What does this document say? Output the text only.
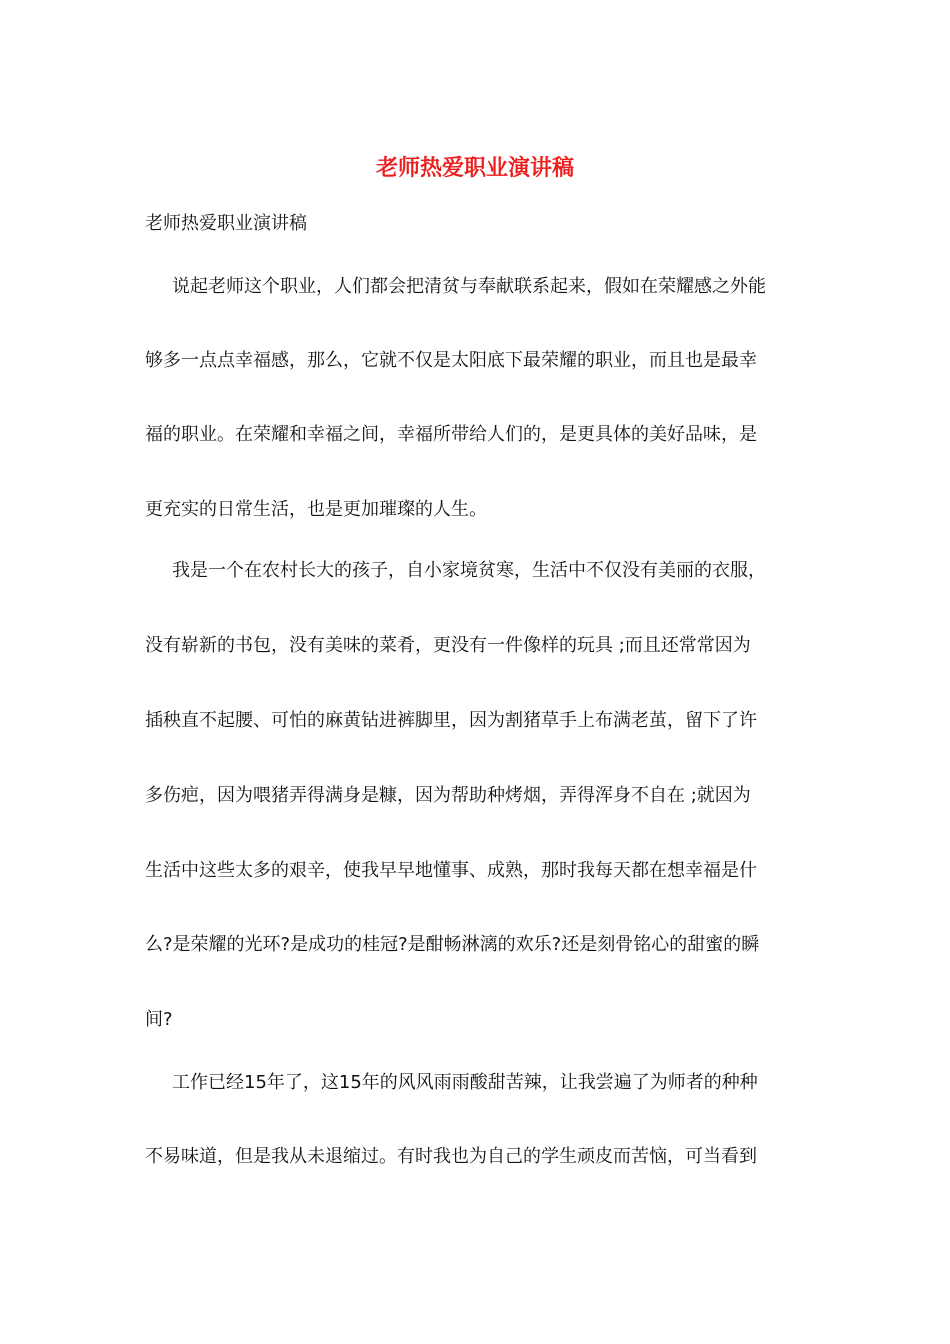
老师热爱职业演讲稿

老师热爱职业演讲稿

说起老师这个职业，人们都会把清贫与奉献联系起来，假如在荣耀感之外能

够多一点点幸福感，那么，它就不仅是太阳底下最荣耀的职业，而且也是最幸

福的职业。在荣耀和幸福之间，幸福所带给人们的，是更具体的美好品味，是

更充实的日常生活，也是更加璀璨的人生。

我是一个在农村长大的孩子，自小家境贫寒，生活中不仅没有美丽的衣服，

没有崭新的书包，没有美味的菜肴，更没有一件像样的玩具 ;而且还常常因为

插秧直不起腰、可怕的麻黄钻进裤脚里，因为割猪草手上布满老茧，留下了许

多伤疤，因为喂猪弄得满身是糠，因为帮助种烤烟，弄得浑身不自在 ;就因为

生活中这些太多的艰辛，使我早早地懂事、成熟，那时我每天都在想幸福是什

么?是荣耀的光环?是成功的桂冠?是酣畅淋漓的欢乐?还是刻骨铭心的甜蜜的瞬

间?

工作已经15年了，这15年的风风雨雨酸甜苦辣，让我尝遍了为师者的种种

不易味道，但是我从未退缩过。有时我也为自己的学生顽皮而苦恼，可当看到
